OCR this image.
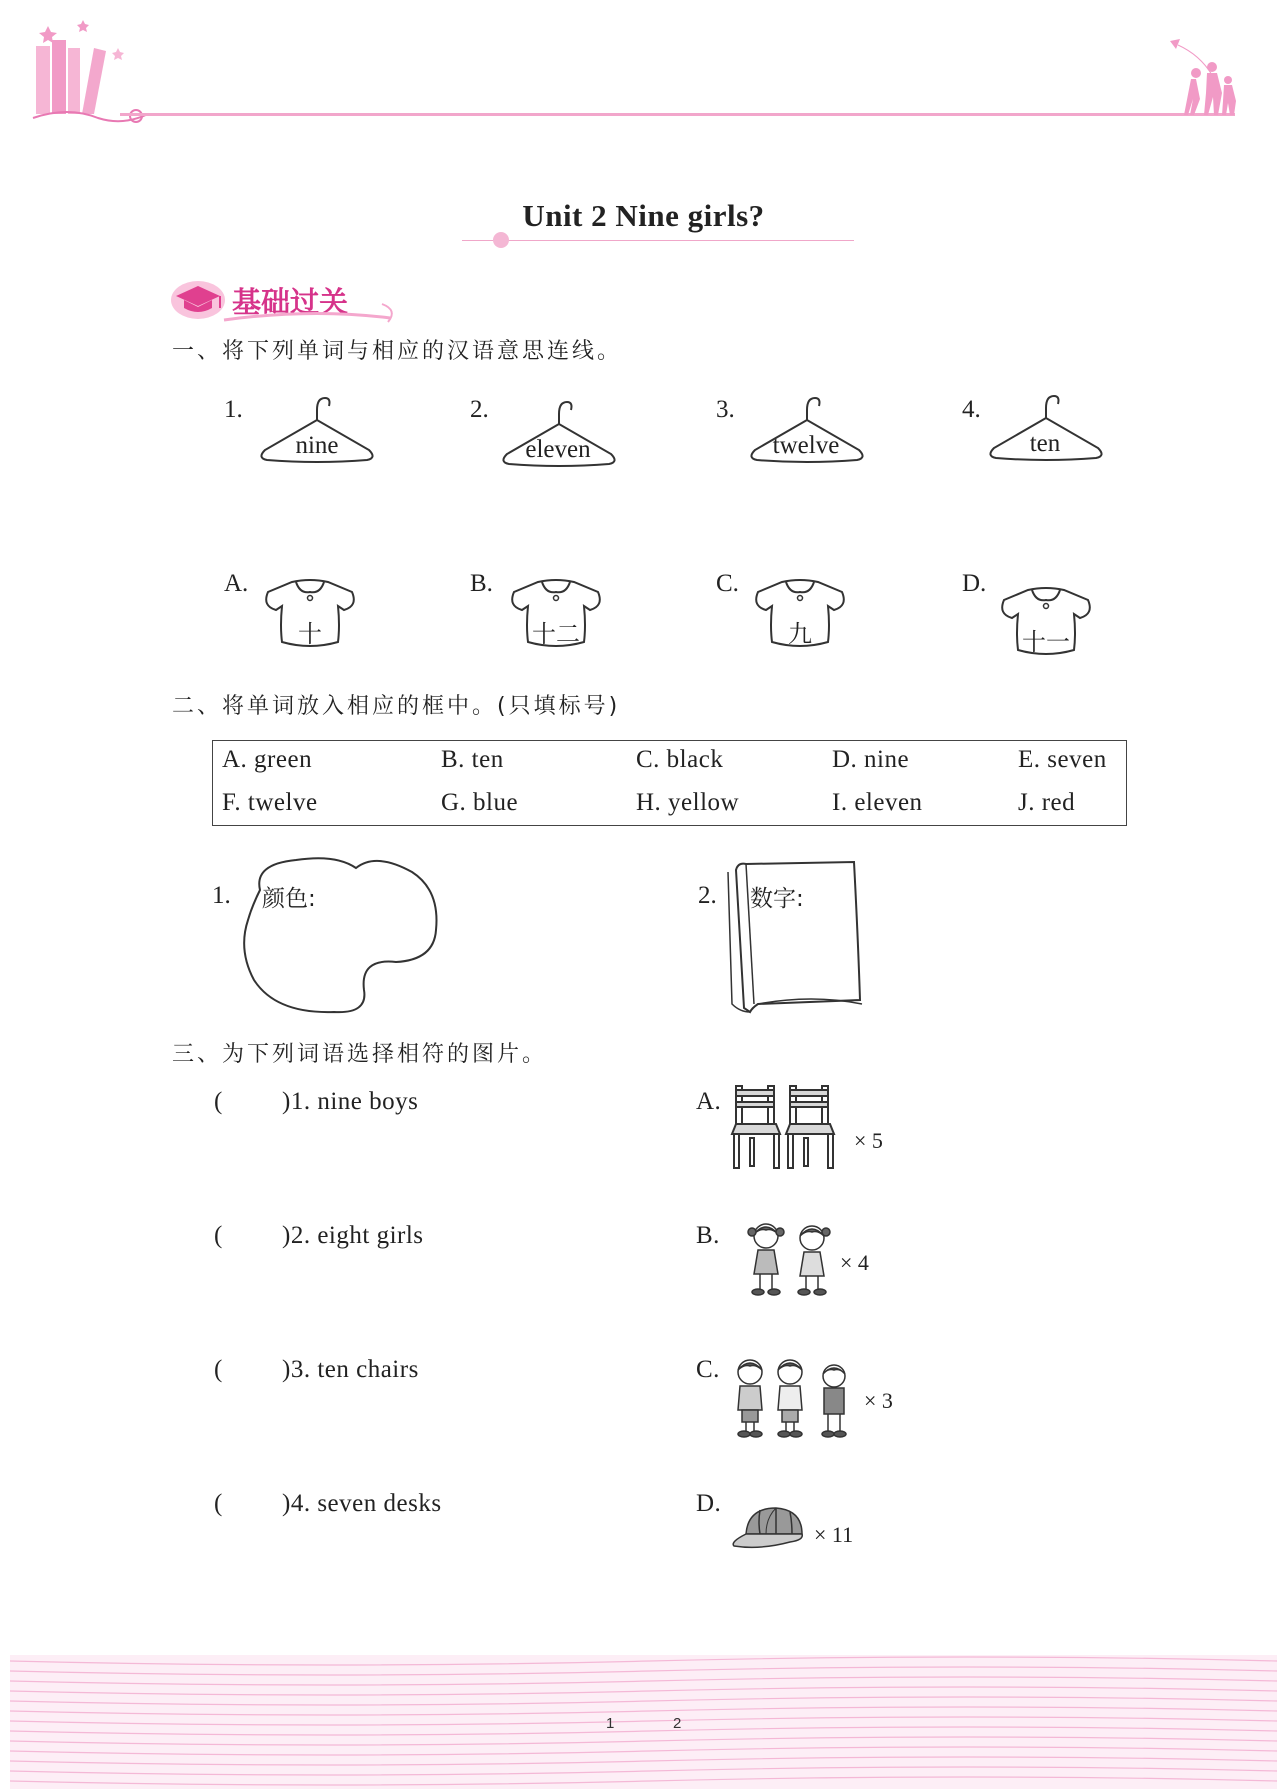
Unit 2 Nine girls?
基础过关
一、将下列单词与相应的汉语意思连线。
1.
nine
2.
eleven
3.
twelve
4.
ten
A.
十
B.
十二
C.
九
D.
十一
二、将单词放入相应的框中。(只填标号)
A. green	B. ten	C. black	D. nine	E. seven
F. twelve	G. blue	H. yellow	I. eleven	J. red
1. 颜色:	2. 数字:
三、为下列词语选择相符的图片。
( )1. nine boys
( )2. eight girls
( )3. ten chairs
( )4. seven desks
A.
× 5
B.
× 4
C.
× 3
D.
× 11
1	2
